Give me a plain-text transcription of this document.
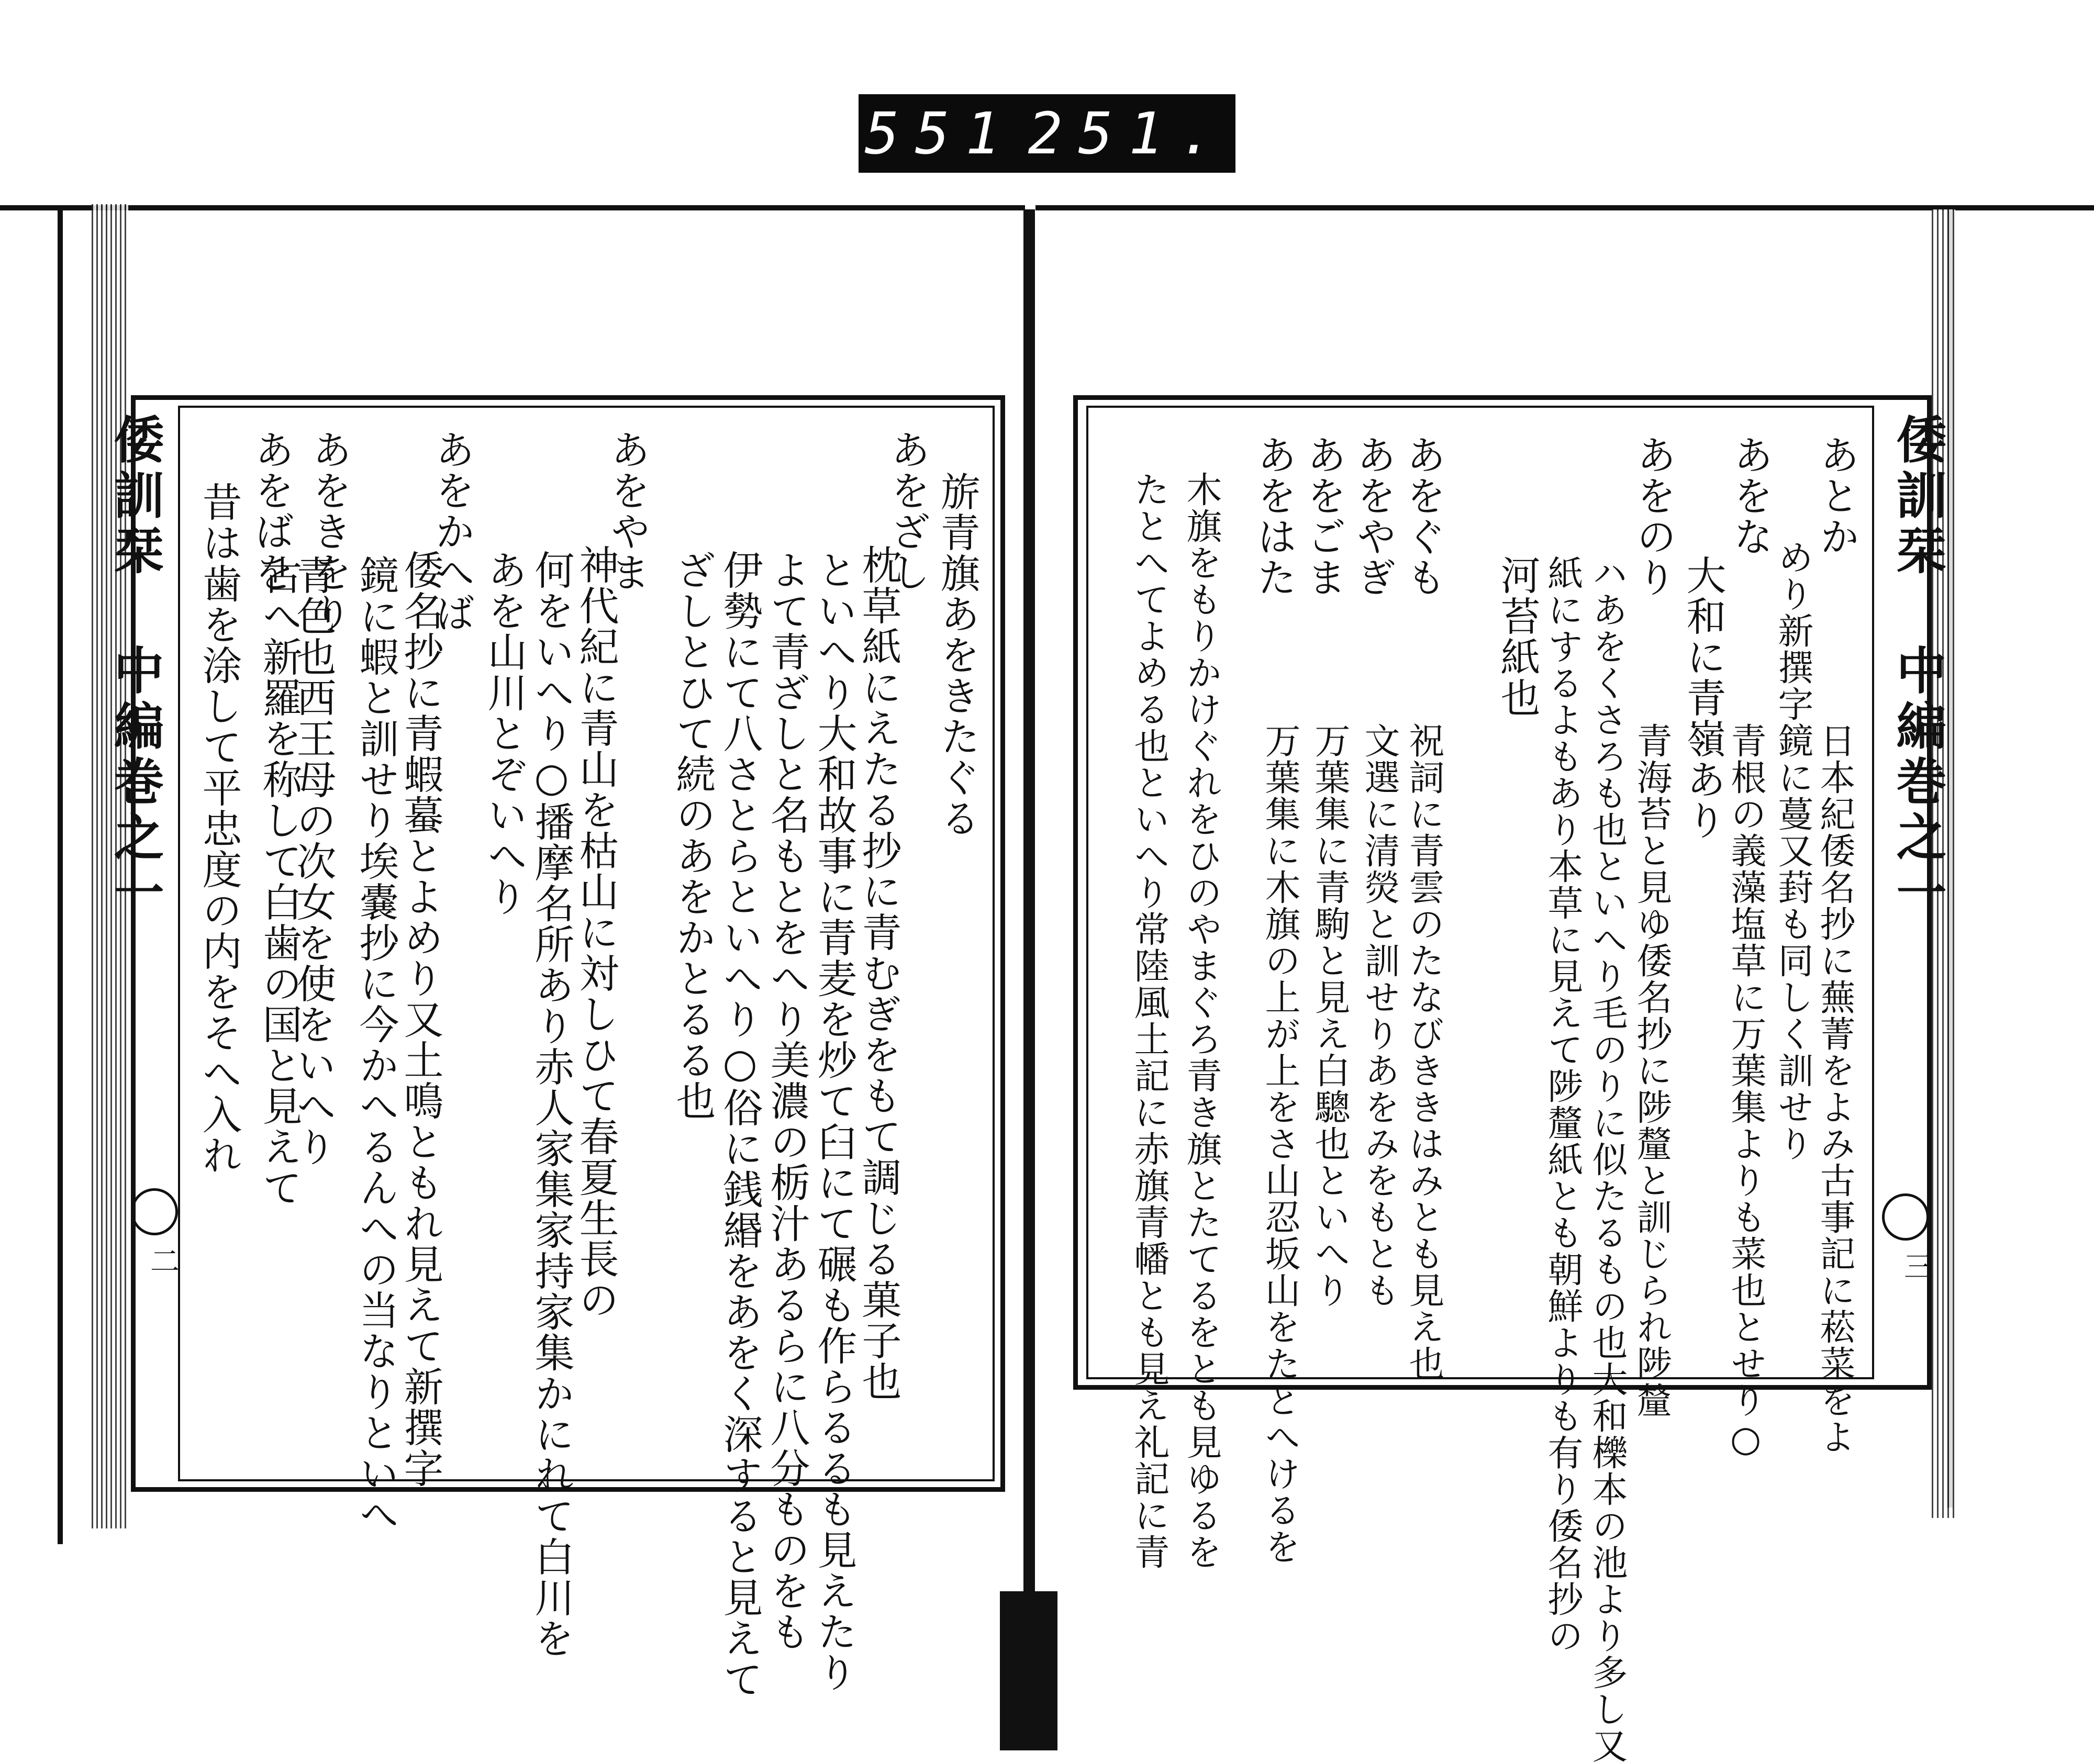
551 251.
倭訓栞 中編巻之一
二
旂青旗あをきたぐる
あをざし
枕草紙にえたる抄に青むぎをもて調じる菓子也
といへり大和故事に青麦を炒て臼にて碾も作らるるも見えたり
よて青ざしと名もとをへり美濃の栃汁あるらに八分ものをも
伊勢にて八さとらといへり○俗に銭緡をあをく深すると見えて
ざしとひて続のあをかとるる也
あをやま
神代紀に青山を枯山に対しひて春夏生長の
何をいへり○播摩名所あり赤人家集家持家集かにれて白川を
あを山川とぞいへり
あをかへば
倭名抄に青蝦蟇とよめり又土鳴ともれ見えて新撰字
鏡に蝦と訓せり埃嚢抄に今かへるんへの当なりといへ
あをきをり
青色也西王母の次女を使をいへり
あをばを
古へ新羅を称して白歯の国と見えて
昔は歯を涂して平忠度の内をそへ入れ	倭訓栞 中編巻之一
三
あとか
めり新撰字鏡に蔓又葑も同しく訓せり 日本紀倭名抄に蕪菁をよみ古事記に菘菜をよ
あをな
青根の義藻塩草に万葉集よりも菜也とせり○
大和に青嶺あり
あをのり
青海苔と見ゆ倭名抄に陟釐と訓じられ陟釐
ハあをくさろも也といへり毛のりに似たるもの也大和櫟本の池より多し又
紙にするよもあり本草に見えて陟釐紙とも朝鮮よりも有り倭名抄の
河苔紙也
あをぐも
祝詞に青雲のたなびききはみとも見え也
あをやぎ
文選に清熒と訓せりあをみをもとも
あをごま
万葉集に青駒と見え白驄也といへり
あをはた
万葉集に木旗の上が上をさ山忍坂山をたとへけるを
木旗をもりかけぐれをひのやまぐろ青き旗とたてるをとも見ゆるを
たとへてよめる也といへり常陸風土記に赤旗青幡とも見え礼記に青
